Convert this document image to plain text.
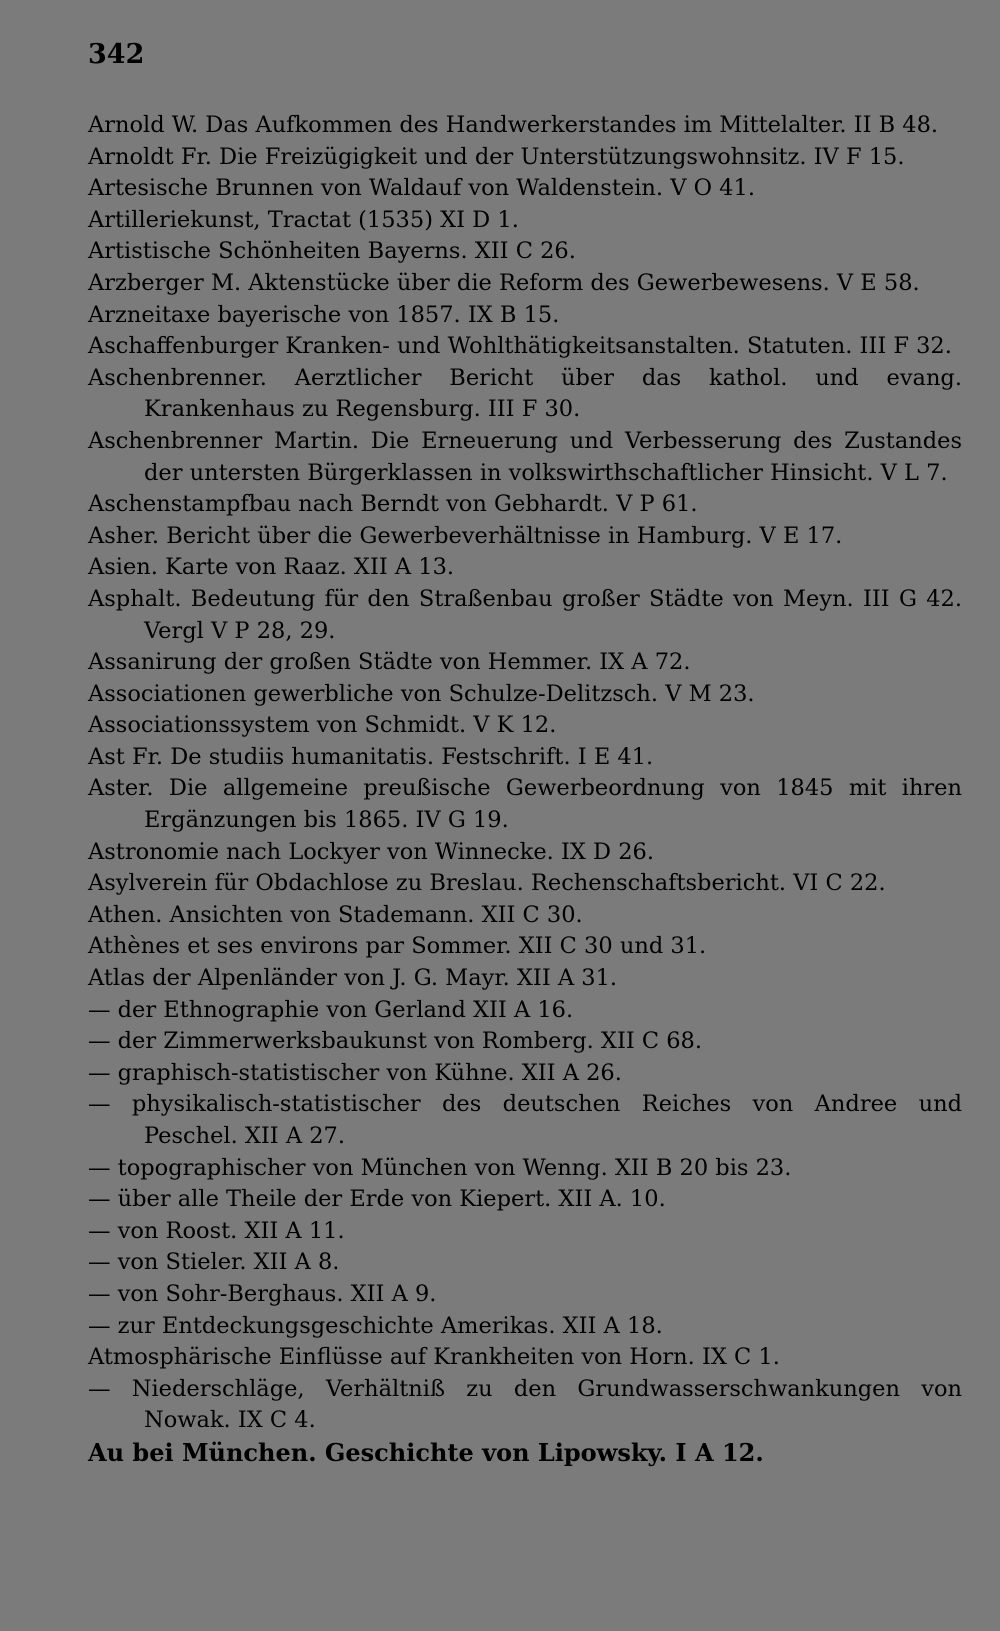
342

Arnold W. Das Aufkommen des Handwerkerstandes im Mittelalter. II B 48.

Arnoldt Fr. Die Freizügigkeit und der Unterstützungswohnsitz. IV F 15.

Artesische Brunnen von Waldauf von Waldenstein. V O 41.

Artilleriekunst, Tractat (1535) XI D 1.

Artistische Schönheiten Bayerns. XII C 26.

Arzberger M. Aktenstücke über die Reform des Gewerbewesens. V E 58.

Arzneitaxe bayerische von 1857. IX B 15.

Aschaffenburger Kranken- und Wohlthätigkeitsanstalten. Statuten. III F 32.

Aschenbrenner. Aerztlicher Bericht über das kathol. und evang. Krankenhaus zu Regensburg. III F 30.

Aschenbrenner Martin. Die Erneuerung und Verbesserung des Zustandes der untersten Bürgerklassen in volkswirthschaftlicher Hinsicht. V L 7.

Aschenstampfbau nach Berndt von Gebhardt. V P 61.

Asher. Bericht über die Gewerbeverhältnisse in Hamburg. V E 17.

Asien. Karte von Raaz. XII A 13.

Asphalt. Bedeutung für den Straßenbau großer Städte von Meyn. III G 42. Vergl V P 28, 29.

Assanirung der großen Städte von Hemmer. IX A 72.

Associationen gewerbliche von Schulze-Delitzsch. V M 23.

Associationssystem von Schmidt. V K 12.

Ast Fr. De studiis humanitatis. Festschrift. I E 41.

Aster. Die allgemeine preußische Gewerbeordnung von 1845 mit ihren Ergänzungen bis 1865. IV G 19.

Astronomie nach Lockyer von Winnecke. IX D 26.

Asylverein für Obdachlose zu Breslau. Rechenschaftsbericht. VI C 22.

Athen. Ansichten von Stademann. XII C 30.

Athènes et ses environs par Sommer. XII C 30 und 31.

Atlas der Alpenländer von J. G. Mayr. XII A 31.

— der Ethnographie von Gerland XII A 16.

— der Zimmerwerksbaukunst von Romberg. XII C 68.

— graphisch-statistischer von Kühne. XII A 26.

— physikalisch-statistischer des deutschen Reiches von Andree und Peschel. XII A 27.

— topographischer von München von Wenng. XII B 20 bis 23.

— über alle Theile der Erde von Kiepert. XII A. 10.

— von Roost. XII A 11.

— von Stieler. XII A 8.

— von Sohr-Berghaus. XII A 9.

— zur Entdeckungsgeschichte Amerikas. XII A 18.

Atmosphärische Einflüsse auf Krankheiten von Horn. IX C 1.

— Niederschläge, Verhältniß zu den Grundwasserschwankungen von Nowak. IX C 4.

Au bei München. Geschichte von Lipowsky. I A 12.
